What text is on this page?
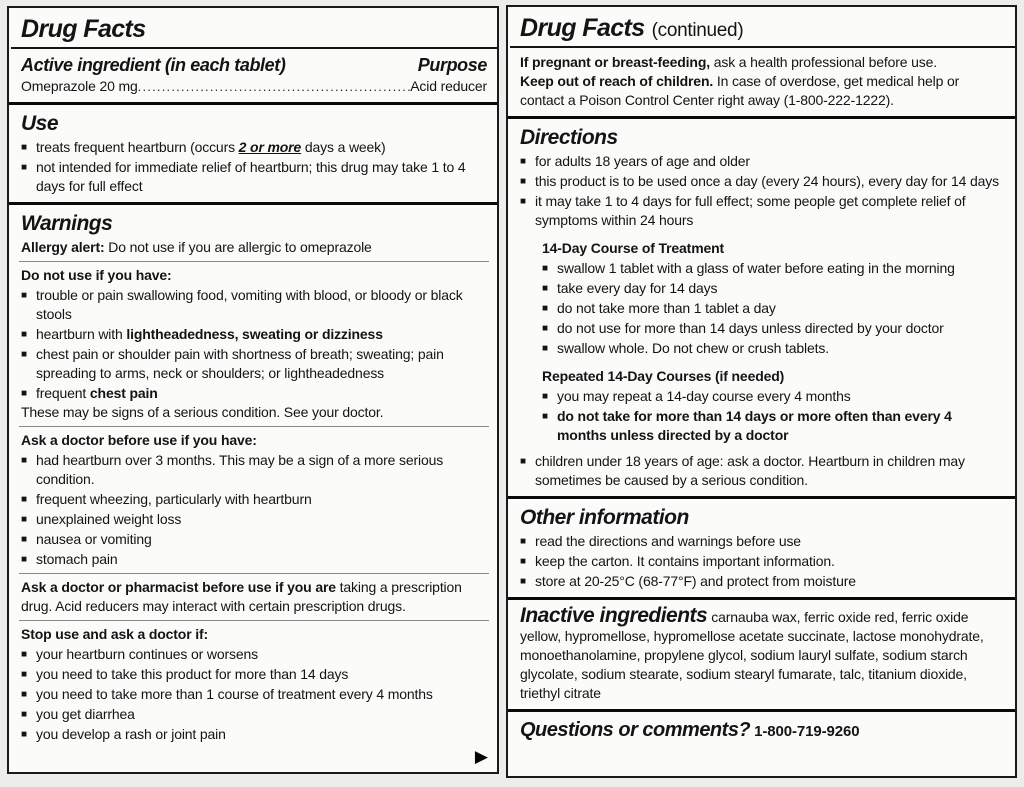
Drug Facts
Active ingredient (in each tablet)	Purpose
Omeprazole 20 mg .....	Acid reducer
Use
■ treats frequent heartburn (occurs 2 or more days a week)
■ not intended for immediate relief of heartburn; this drug may take 1 to 4 days for full effect
Warnings

Allergy alert: Do not use if you are allergic to omeprazole

Do not use if you have:

■ trouble or pain swallowing food, vomiting with blood, or bloody or black stools
■ heartburn with lightheadedness, sweating or dizziness
■ chest pain or shoulder pain with shortness of breath; sweating; pain spreading to arms, neck or shoulders; or lightheadedness
■ frequent chest pain

These may be signs of a serious condition. See your doctor.

Ask a doctor before use if you have:

■ had heartburn over 3 months. This may be a sign of a more serious condition.
■ frequent wheezing, particularly with heartburn
■ unexplained weight loss
■ nausea or vomiting
■ stomach pain

Ask a doctor or pharmacist before use if you are taking a prescription drug. Acid reducers may interact with certain prescription drugs.

Stop use and ask a doctor if:

■ your heartburn continues or worsens
■ you need to take this product for more than 14 days
■ you need to take more than 1 course of treatment every 4 months
■ you get diarrhea
■ you develop a rash or joint pain
▶
Drug Facts (continued)

If pregnant or breast-feeding, ask a health professional before use.

Keep out of reach of children. In case of overdose, get medical help or contact a Poison Control Center right away (1-800-222-1222).

Directions
■ for adults 18 years of age and older
■ this product is to be used once a day (every 24 hours), every day for 14 days
■ it may take 1 to 4 days for full effect; some people get complete relief of symptoms within 24 hours

14-Day Course of Treatment

■ swallow 1 tablet with a glass of water before eating in the morning
■ take every day for 14 days
■ do not take more than 1 tablet a day
■ do not use for more than 14 days unless directed by your doctor
■ swallow whole. Do not chew or crush tablets.

Repeated 14-Day Courses (if needed)

■ you may repeat a 14-day course every 4 months
■ do not take for more than 14 days or more often than every 4 months unless directed by a doctor
■ children under 18 years of age: ask a doctor. Heartburn in children may sometimes be caused by a serious condition.
Other information
■ read the directions and warnings before use
■ keep the carton. It contains important information.
■ store at 20-25°C (68-77°F) and protect from moisture

Inactive ingredients carnauba wax, ferric oxide red, ferric oxide yellow, hypromellose, hypromellose acetate succinate, lactose monohydrate, monoethanolamine, propylene glycol, sodium lauryl sulfate, sodium starch glycolate, sodium stearate, sodium stearyl fumarate, talc, titanium dioxide, triethyl citrate

Questions or comments? 1-800-719-9260
